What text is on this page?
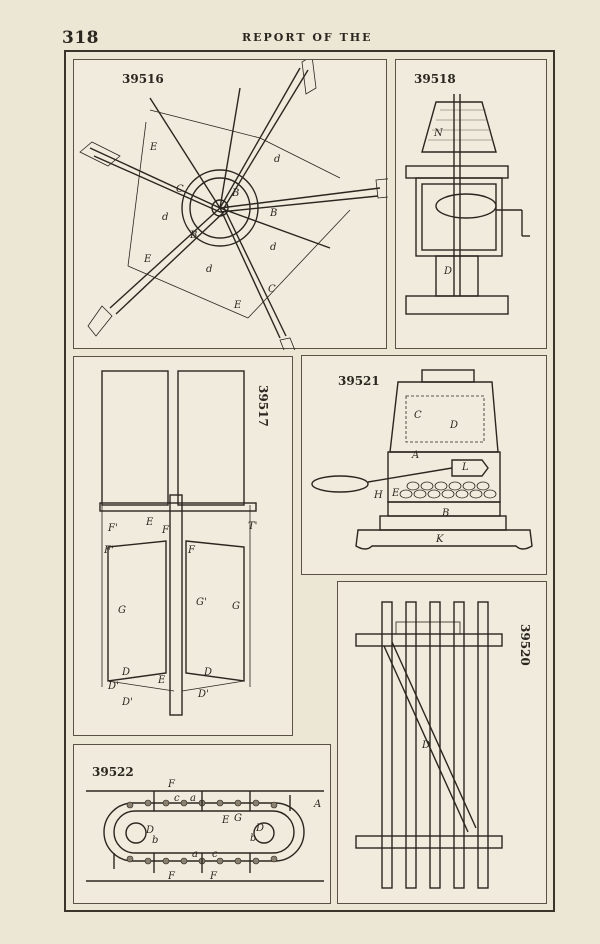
318	REPORT OF THE
39516
E
C	B
d
d	B
B
E
d
d
E
C
39518
N
D
39517
E
F
F'	T'
F'	F
G
G'	G
D
D'
E
D
D'
D'
39521
C
D
A
L
H E
B
K
39520
D
39522
F
c a
A
D
E G
D
b
b
a c
F	F
